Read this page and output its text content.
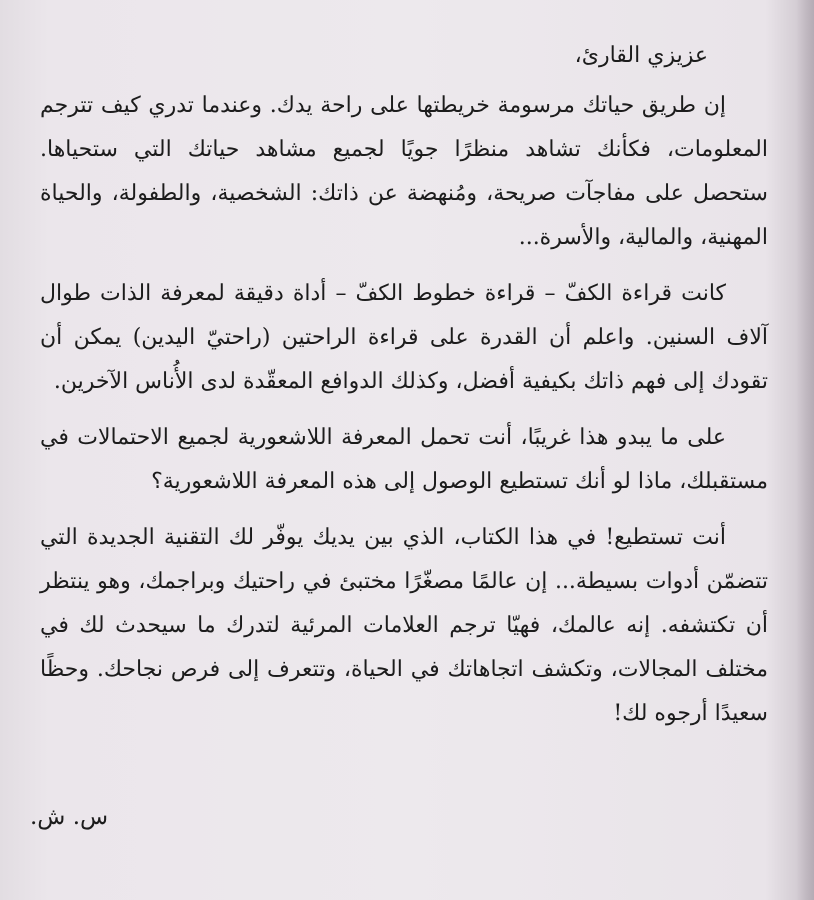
عزيزي القارئ،

إن طريق حياتك مرسومة خريطتها على راحة يدك. وعندما تدري كيف تترجم المعلومات، فكأنك تشاهد منظرًا جويًا لجميع مشاهد حياتك التي ستحياها. ستحصل على مفاجآت صريحة، ومُنهضة عن ذاتك: الشخصية، والطفولة، والحياة المهنية، والمالية، والأسرة...

كانت قراءة الكفّ – قراءة خطوط الكفّ – أداة دقيقة لمعرفة الذات طوال آلاف السنين. واعلم أن القدرة على قراءة الراحتين (راحتيّ اليدين) يمكن أن تقودك إلى فهم ذاتك بكيفية أفضل، وكذلك الدوافع المعقّدة لدى الأُناس الآخرين.

على ما يبدو هذا غريبًا، أنت تحمل المعرفة اللاشعورية لجميع الاحتمالات في مستقبلك، ماذا لو أنك تستطيع الوصول إلى هذه المعرفة اللاشعورية؟

أنت تستطيع! في هذا الكتاب، الذي بين يديك يوفّر لك التقنية الجديدة التي تتضمّن أدوات بسيطة... إن عالمًا مصغّرًا مختبئ في راحتيك وبراجمك، وهو ينتظر أن تكتشفه. إنه عالمك، فهيّا ترجم العلامات المرئية لتدرك ما سيحدث لك في مختلف المجالات، وتكشف اتجاهاتك في الحياة، وتتعرف إلى فرص نجاحك. وحظًا سعيدًا أرجوه لك!

س. ش.
